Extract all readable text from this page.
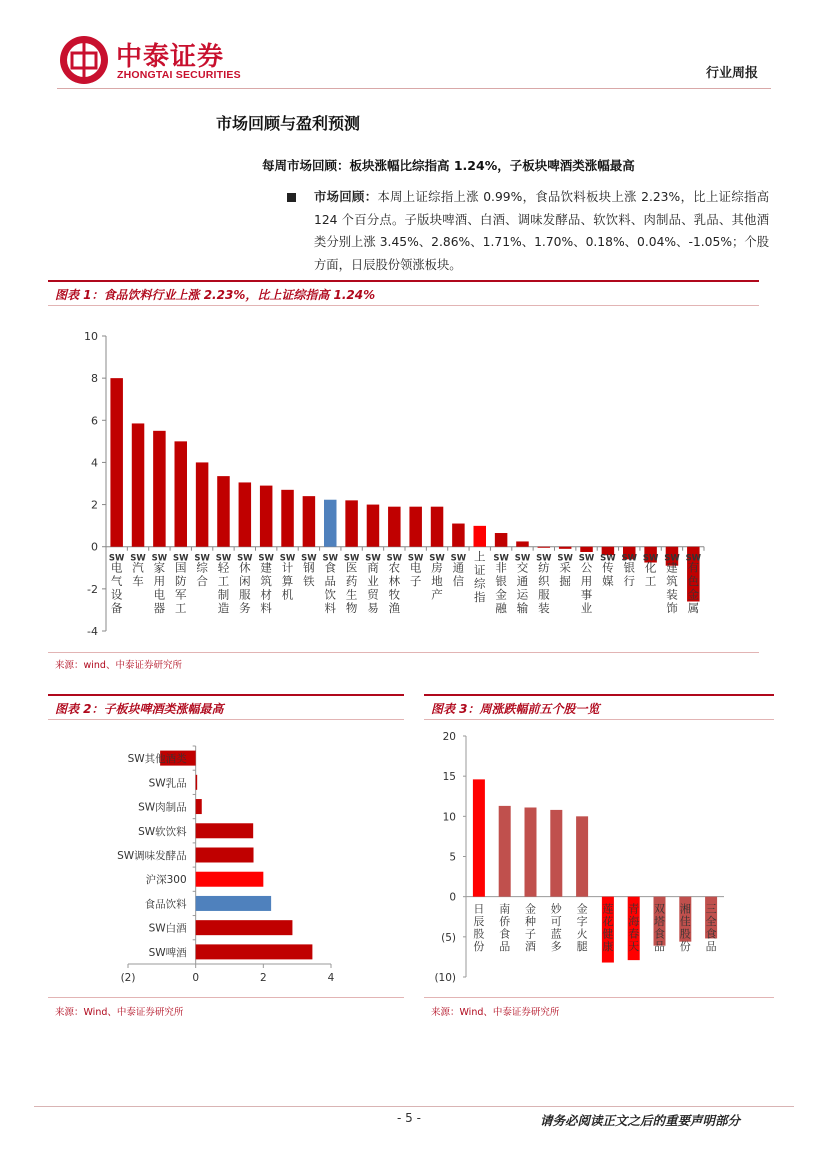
中泰证券
ZHONGTAI SECURITIES	行业周报
市场回顾与盈利预测
每周市场回顾：板块涨幅比综指高 1.24%，子板块啤酒类涨幅最高
市场回顾：本周上证综指上涨 0.99%，食品饮料板块上涨 2.23%，比上证综指高 124 个百分点。子版块啤酒、白酒、调味发酵品、软饮料、肉制品、乳品、其他酒类分别上涨 3.45%、2.86%、1.71%、1.70%、0.18%、0.04%、-1.05%；个股方面，日辰股份领涨板块。
图表 1：食品饮料行业上涨 2.23%，比上证综指高 1.24%
-4
-2
0
2
4
6
8
10
SW 电气设备
SW 汽车
SW 家用电器
SW 国防军工
SW 综合
SW 轻工制造
SW 休闲服务
SW 建筑材料
SW 计算机
SW 钢铁
SW 食品饮料
SW 医药生物
SW 商业贸易
SW 农林牧渔
SW 电子
SW 房地产
SW 通信
上证综指
SW 非银金融
SW 交通运输
SW 纺织服装
SW 采掘
SW 公用事业
SW 传媒
SW 银行
SW 化工
SW 建筑装饰
SW 有色金属
来源：wind、中泰证券研究所
图表 2：子板块啤酒类涨幅最高
SW其他酒类
SW乳品
SW肉制品
SW软饮料
SW调味发酵品
沪深300
食品饮料
SW白酒
SW啤酒
(2)	0	2	4
来源：Wind、中泰证券研究所
图表 3：周涨跌幅前五个股一览
(10)
(5)
0
5
10
15
20
日辰股份
南侨食品
金种子酒
妙可蓝多
金字火腿
莲花健康
青海春天
双塔食品
湘佳股份
三全食品
来源：Wind、中泰证券研究所
- 5 -	请务必阅读正文之后的重要声明部分
